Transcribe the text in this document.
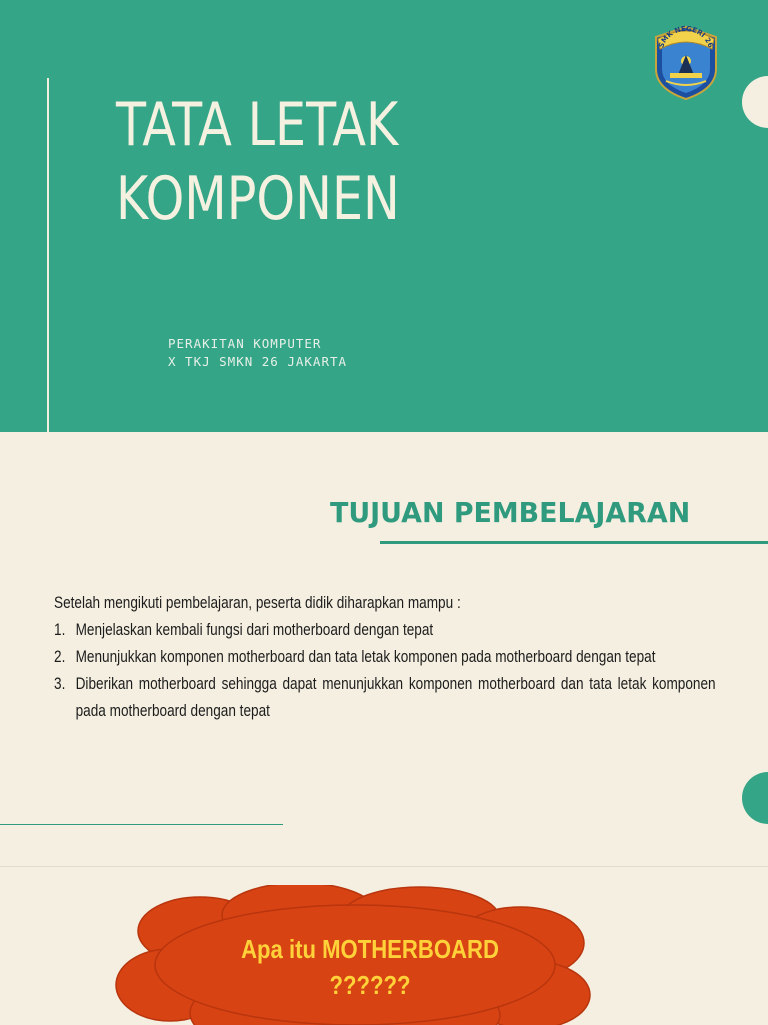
TATA LETAK
KOMPONEN
PERAKITAN KOMPUTER
X TKJ SMKN 26 JAKARTA
SMK NEGERI 26
TUJUAN PEMBELAJARAN
Setelah mengikuti pembelajaran, peserta didik diharapkan mampu :
1. Menjelaskan kembali fungsi dari motherboard dengan tepat
2. Menunjukkan komponen motherboard dan tata letak komponen pada motherboard dengan tepat
3. Diberikan motherboard sehingga dapat menunjukkan komponen motherboard dan tata letak komponen pada motherboard dengan tepat
Apa itu MOTHERBOARD
??????
